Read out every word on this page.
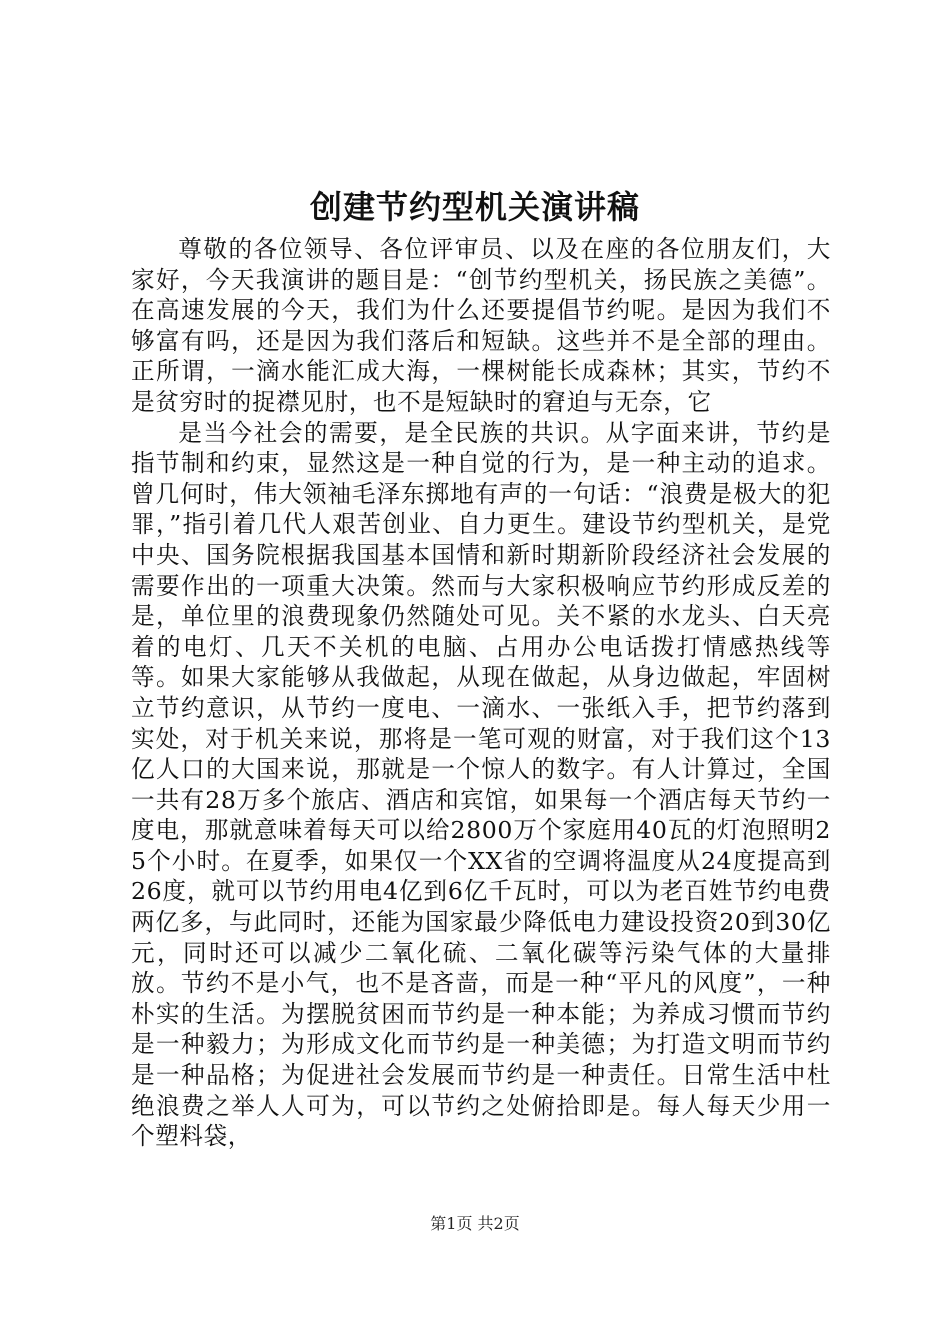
创建节约型机关演讲稿

尊敬的各位领导、各位评审员、以及在座的各位朋友们，大家好，今天我演讲的题目是：“创节约型机关，扬民族之美德”。在高速发展的今天，我们为什么还要提倡节约呢。是因为我们不够富有吗，还是因为我们落后和短缺。这些并不是全部的理由。正所谓，一滴水能汇成大海，一棵树能长成森林；其实，节约不是贫穷时的捉襟见肘，也不是短缺时的窘迫与无奈，它

是当今社会的需要，是全民族的共识。从字面来讲，节约是指节制和约束，显然这是一种自觉的行为，是一种主动的追求。曾几何时，伟大领袖毛泽东掷地有声的一句话：“浪费是极大的犯罪，”指引着几代人艰苦创业、自力更生。建设节约型机关，是党中央、国务院根据我国基本国情和新时期新阶段经济社会发展的需要作出的一项重大决策。然而与大家积极响应节约形成反差的是，单位里的浪费现象仍然随处可见。关不紧的水龙头、白天亮着的电灯、几天不关机的电脑、占用办公电话拨打情感热线等等。如果大家能够从我做起，从现在做起，从身边做起，牢固树立节约意识，从节约一度电、一滴水、一张纸入手，把节约落到实处，对于机关来说，那将是一笔可观的财富，对于我们这个13亿人口的大国来说，那就是一个惊人的数字。有人计算过，全国一共有28万多个旅店、酒店和宾馆，如果每一个酒店每天节约一度电，那就意味着每天可以给2800万个家庭用40瓦的灯泡照明25个小时。在夏季，如果仅一个XX省的空调将温度从24度提高到26度，就可以节约用电4亿到6亿千瓦时，可以为老百姓节约电费两亿多，与此同时，还能为国家最少降低电力建设投资20到30亿元，同时还可以减少二氧化硫、二氧化碳等污染气体的大量排放。节约不是小气，也不是吝啬，而是一种“平凡的风度”，一种朴实的生活。为摆脱贫困而节约是一种本能；为养成习惯而节约是一种毅力；为形成文化而节约是一种美德；为打造文明而节约是一种品格；为促进社会发展而节约是一种责任。日常生活中杜绝浪费之举人人可为，可以节约之处俯拾即是。每人每天少用一个塑料袋，

第1页 共2页
